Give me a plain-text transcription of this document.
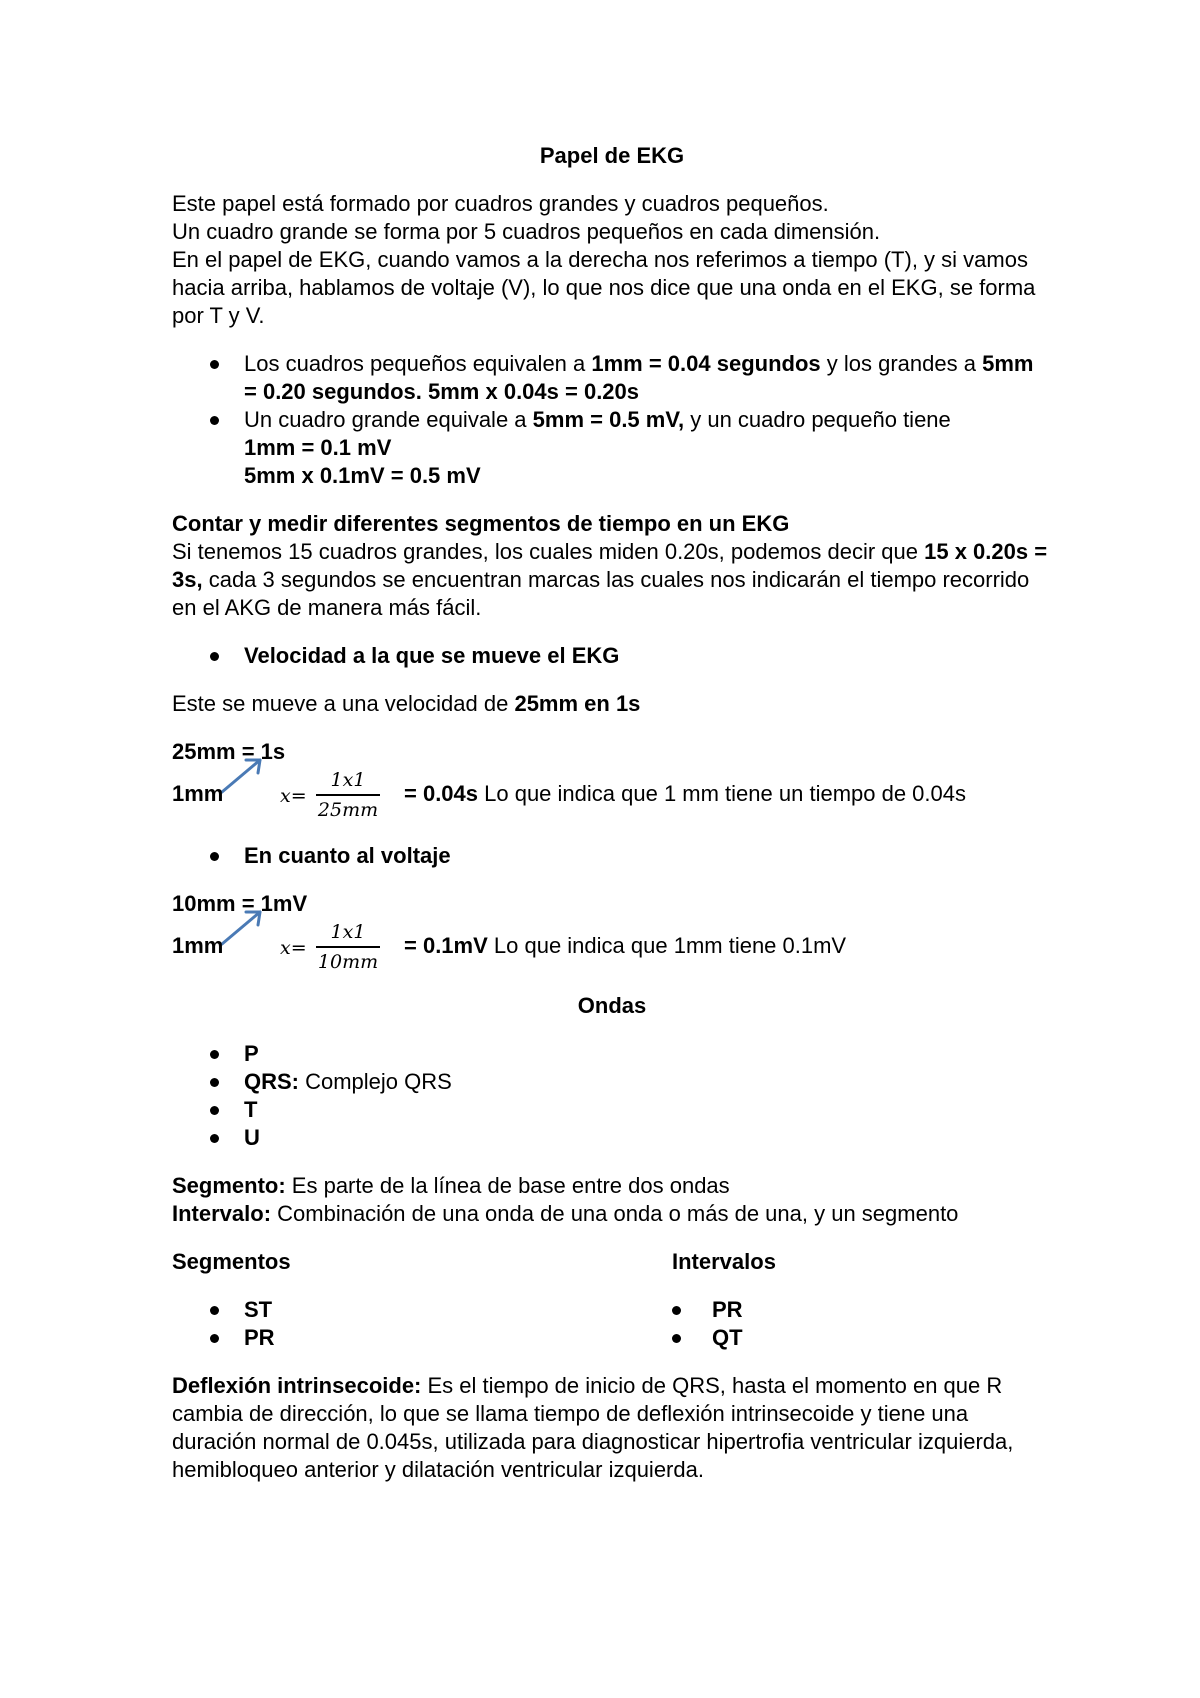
Papel de EKG

Este papel está formado por cuadros grandes y cuadros pequeños.

Un cuadro grande se forma por 5 cuadros pequeños en cada dimensión.

En el papel de EKG, cuando vamos a la derecha nos referimos a tiempo (T), y si vamos hacia arriba, hablamos de voltaje (V), lo que nos dice que una onda en el EKG, se forma por T y V.

Los cuadros pequeños equivalen a 1mm = 0.04 segundos y los grandes a 5mm = 0.20 segundos. 5mm x 0.04s = 0.20s
Un cuadro grande equivale a 5mm = 0.5 mV, y un cuadro pequeño tiene
1mm = 0.1 mV
5mm x 0.1mV = 0.5 mV

Contar y medir diferentes segmentos de tiempo en un EKG

Si tenemos 15 cuadros grandes, los cuales miden 0.20s, podemos decir que 15 x 0.20s = 3s, cada 3 segundos se encuentran marcas las cuales nos indicarán el tiempo recorrido en el AKG de manera más fácil.

Velocidad a la que se mueve el EKG

Este se mueve a una velocidad de 25mm en 1s

25mm = 1s

1mm	x=
1x1
25mm
= 0.04s Lo que indica que 1 mm tiene un tiempo de 0.04s
En cuanto al voltaje

10mm = 1mV

1mm	x=
1x1
10mm
= 0.1mV Lo que indica que 1mm tiene 0.1mV

Ondas

P
QRS: Complejo QRS
T
U

Segmento: Es parte de la línea de base entre dos ondas

Intervalo: Combinación de una onda de una onda o más de una, y un segmento

Segmentos

ST
PR

Intervalos

PR
QT

Deflexión intrinsecoide: Es el tiempo de inicio de QRS, hasta el momento en que R cambia de dirección, lo que se llama tiempo de deflexión intrinsecoide y tiene una duración normal de 0.045s, utilizada para diagnosticar hipertrofia ventricular izquierda, hemibloqueo anterior y dilatación ventricular izquierda.
